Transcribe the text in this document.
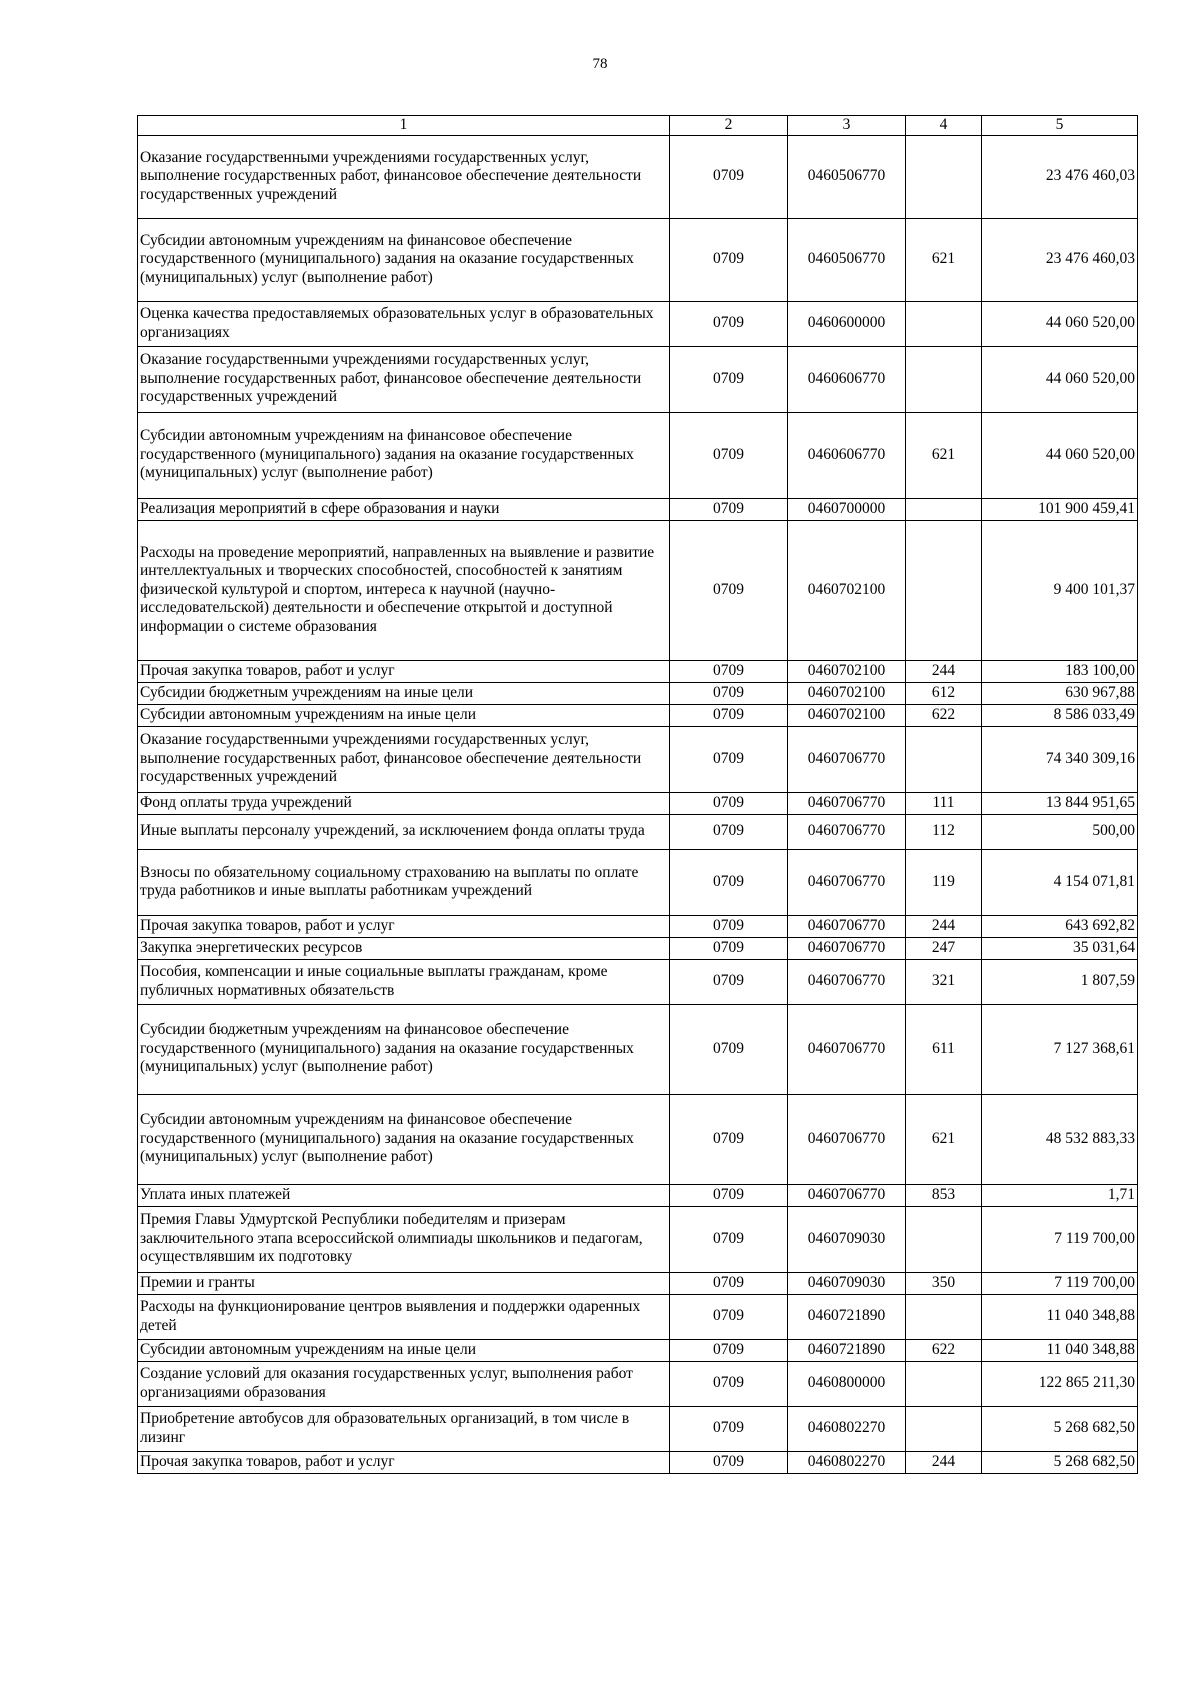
78
1	2	3	4	5
Оказание государственными учреждениями государственных услуг, выполнение государственных работ, финансовое обеспечение деятельности государственных учреждений	0709	0460506770		23 476 460,03
Субсидии автономным учреждениям на финансовое обеспечение государственного (муниципального) задания на оказание государственных (муниципальных) услуг (выполнение работ)	0709	0460506770	621	23 476 460,03
Оценка качества предоставляемых образовательных услуг в образовательных организациях	0709	0460600000		44 060 520,00
Оказание государственными учреждениями государственных услуг, выполнение государственных работ, финансовое обеспечение деятельности государственных учреждений	0709	0460606770		44 060 520,00
Субсидии автономным учреждениям на финансовое обеспечение государственного (муниципального) задания на оказание государственных (муниципальных) услуг (выполнение работ)	0709	0460606770	621	44 060 520,00
Реализация мероприятий в сфере образования и науки	0709	0460700000		101 900 459,41
Расходы на проведение мероприятий, направленных на выявление и развитие интеллектуальных и творческих способностей, способностей к занятиям физической культурой и спортом, интереса к научной (научно-исследовательской) деятельности и обеспечение открытой и доступной информации о системе образования	0709	0460702100		9 400 101,37
Прочая закупка товаров, работ и услуг	0709	0460702100	244	183 100,00
Субсидии бюджетным учреждениям на иные цели	0709	0460702100	612	630 967,88
Субсидии автономным учреждениям на иные цели	0709	0460702100	622	8 586 033,49
Оказание государственными учреждениями государственных услуг, выполнение государственных работ, финансовое обеспечение деятельности государственных учреждений	0709	0460706770		74 340 309,16
Фонд оплаты труда учреждений	0709	0460706770	111	13 844 951,65
Иные выплаты персоналу учреждений, за исключением фонда оплаты труда	0709	0460706770	112	500,00
Взносы по обязательному социальному страхованию на выплаты по оплате труда работников и иные выплаты работникам учреждений	0709	0460706770	119	4 154 071,81
Прочая закупка товаров, работ и услуг	0709	0460706770	244	643 692,82
Закупка энергетических ресурсов	0709	0460706770	247	35 031,64
Пособия, компенсации и иные социальные выплаты гражданам, кроме публичных нормативных обязательств	0709	0460706770	321	1 807,59
Субсидии бюджетным учреждениям на финансовое обеспечение государственного (муниципального) задания на оказание государственных (муниципальных) услуг (выполнение работ)	0709	0460706770	611	7 127 368,61
Субсидии автономным учреждениям на финансовое обеспечение государственного (муниципального) задания на оказание государственных (муниципальных) услуг (выполнение работ)	0709	0460706770	621	48 532 883,33
Уплата иных платежей	0709	0460706770	853	1,71
Премия Главы Удмуртской Республики победителям и призерам заключительного этапа всероссийской олимпиады школьников и педагогам, осуществлявшим их подготовку	0709	0460709030		7 119 700,00
Премии и гранты	0709	0460709030	350	7 119 700,00
Расходы на функционирование центров выявления и поддержки одаренных детей	0709	0460721890		11 040 348,88
Субсидии автономным учреждениям на иные цели	0709	0460721890	622	11 040 348,88
Создание условий для оказания государственных услуг, выполнения работ организациями образования	0709	0460800000		122 865 211,30
Приобретение автобусов для образовательных организаций, в том числе в лизинг	0709	0460802270		5 268 682,50
Прочая закупка товаров, работ и услуг	0709	0460802270	244	5 268 682,50
